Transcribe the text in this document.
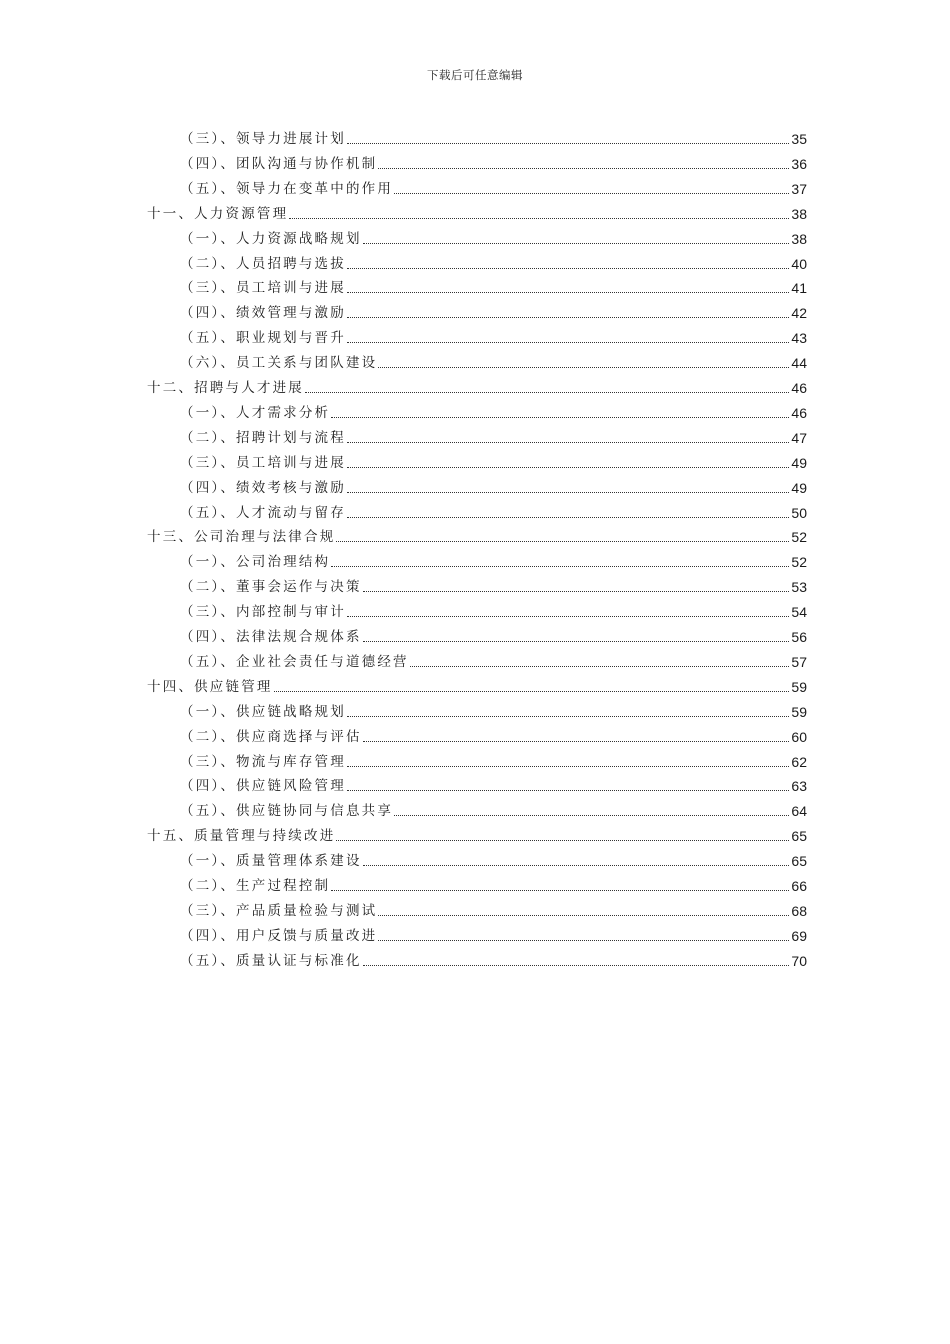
下载后可任意编辑
（三）、领导力进展计划	35
（四）、团队沟通与协作机制	36
（五）、领导力在变革中的作用	37
十一、人力资源管理	38
（一）、人力资源战略规划	38
（二）、人员招聘与选拔	40
（三）、员工培训与进展	41
（四）、绩效管理与激励	42
（五）、职业规划与晋升	43
（六）、员工关系与团队建设	44
十二、招聘与人才进展	46
（一）、人才需求分析	46
（二）、招聘计划与流程	47
（三）、员工培训与进展	49
（四）、绩效考核与激励	49
（五）、人才流动与留存	50
十三、公司治理与法律合规	52
（一）、公司治理结构	52
（二）、董事会运作与决策	53
（三）、内部控制与审计	54
（四）、法律法规合规体系	56
（五）、企业社会责任与道德经营	57
十四、供应链管理	59
（一）、供应链战略规划	59
（二）、供应商选择与评估	60
（三）、物流与库存管理	62
（四）、供应链风险管理	63
（五）、供应链协同与信息共享	64
十五、质量管理与持续改进	65
（一）、质量管理体系建设	65
（二）、生产过程控制	66
（三）、产品质量检验与测试	68
（四）、用户反馈与质量改进	69
（五）、质量认证与标准化	70
